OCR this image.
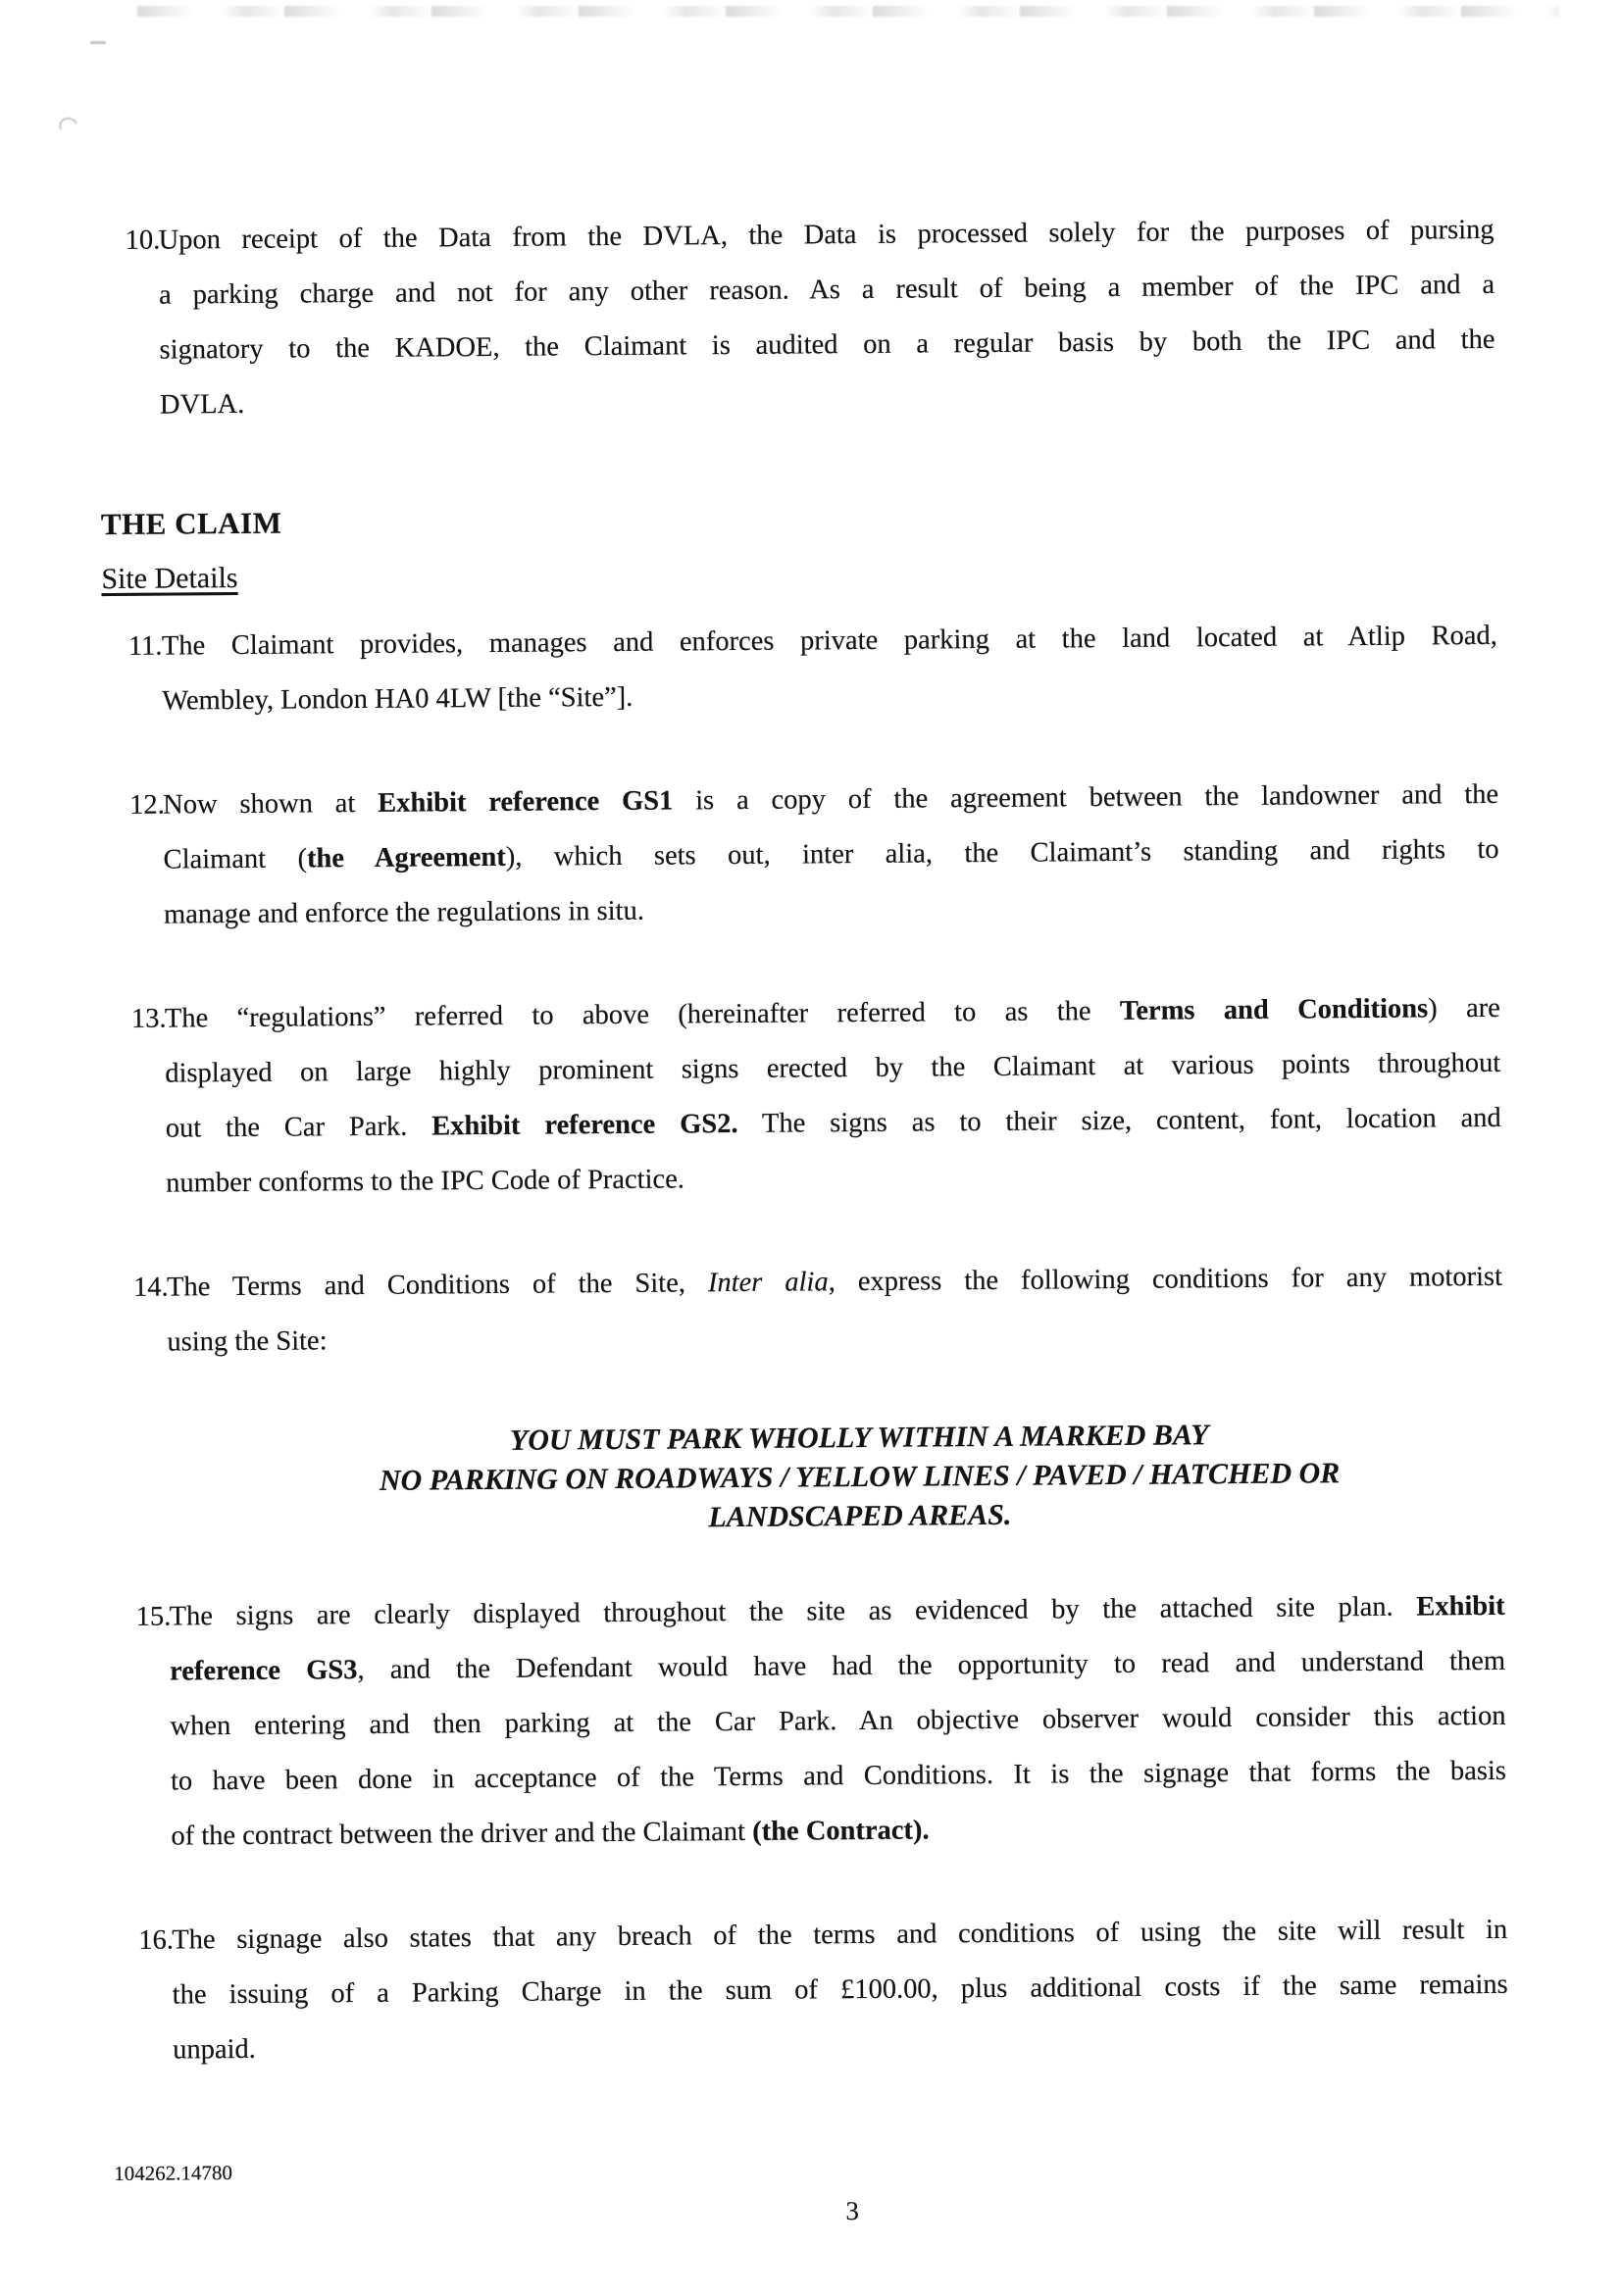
10.
Upon receipt of the Data from the DVLA, the Data is processed solely for the purposes of pursing
a parking charge and not for any other reason. As a result of being a member of the IPC and a
signatory to the KADOE, the Claimant is audited on a regular basis by both the IPC and the
DVLA.
THE CLAIM
Site Details
11. The Claimant provides, manages and enforces private parking at the land located at Atlip Road,
Wembley, London HA0 4LW [the “Site”].
12.
Now shown at Exhibit reference GS1 is a copy of the agreement between the landowner and the
Claimant (the Agreement), which sets out, inter alia, the Claimant’s standing and rights to
manage and enforce the regulations in situ.
13.
The “regulations” referred to above (hereinafter referred to as the Terms and Conditions) are
displayed on large highly prominent signs erected by the Claimant at various points throughout
out the Car Park. Exhibit reference GS2. The signs as to their size, content, font, location and
number conforms to the IPC Code of Practice.
14.
The Terms and Conditions of the Site, Inter alia, express the following conditions for any motorist
using the Site:
YOU MUST PARK WHOLLY WITHIN A MARKED BAY
NO PARKING ON ROADWAYS / YELLOW LINES / PAVED / HATCHED OR
LANDSCAPED AREAS.
15.
The signs are clearly displayed throughout the site as evidenced by the attached site plan. Exhibit
reference GS3, and the Defendant would have had the opportunity to read and understand them
when entering and then parking at the Car Park. An objective observer would consider this action
to have been done in acceptance of the Terms and Conditions. It is the signage that forms the basis
of the contract between the driver and the Claimant (the Contract).
16.
The signage also states that any breach of the terms and conditions of using the site will result in
the issuing of a Parking Charge in the sum of £100.00, plus additional costs if the same remains
unpaid.
104262.14780
3
